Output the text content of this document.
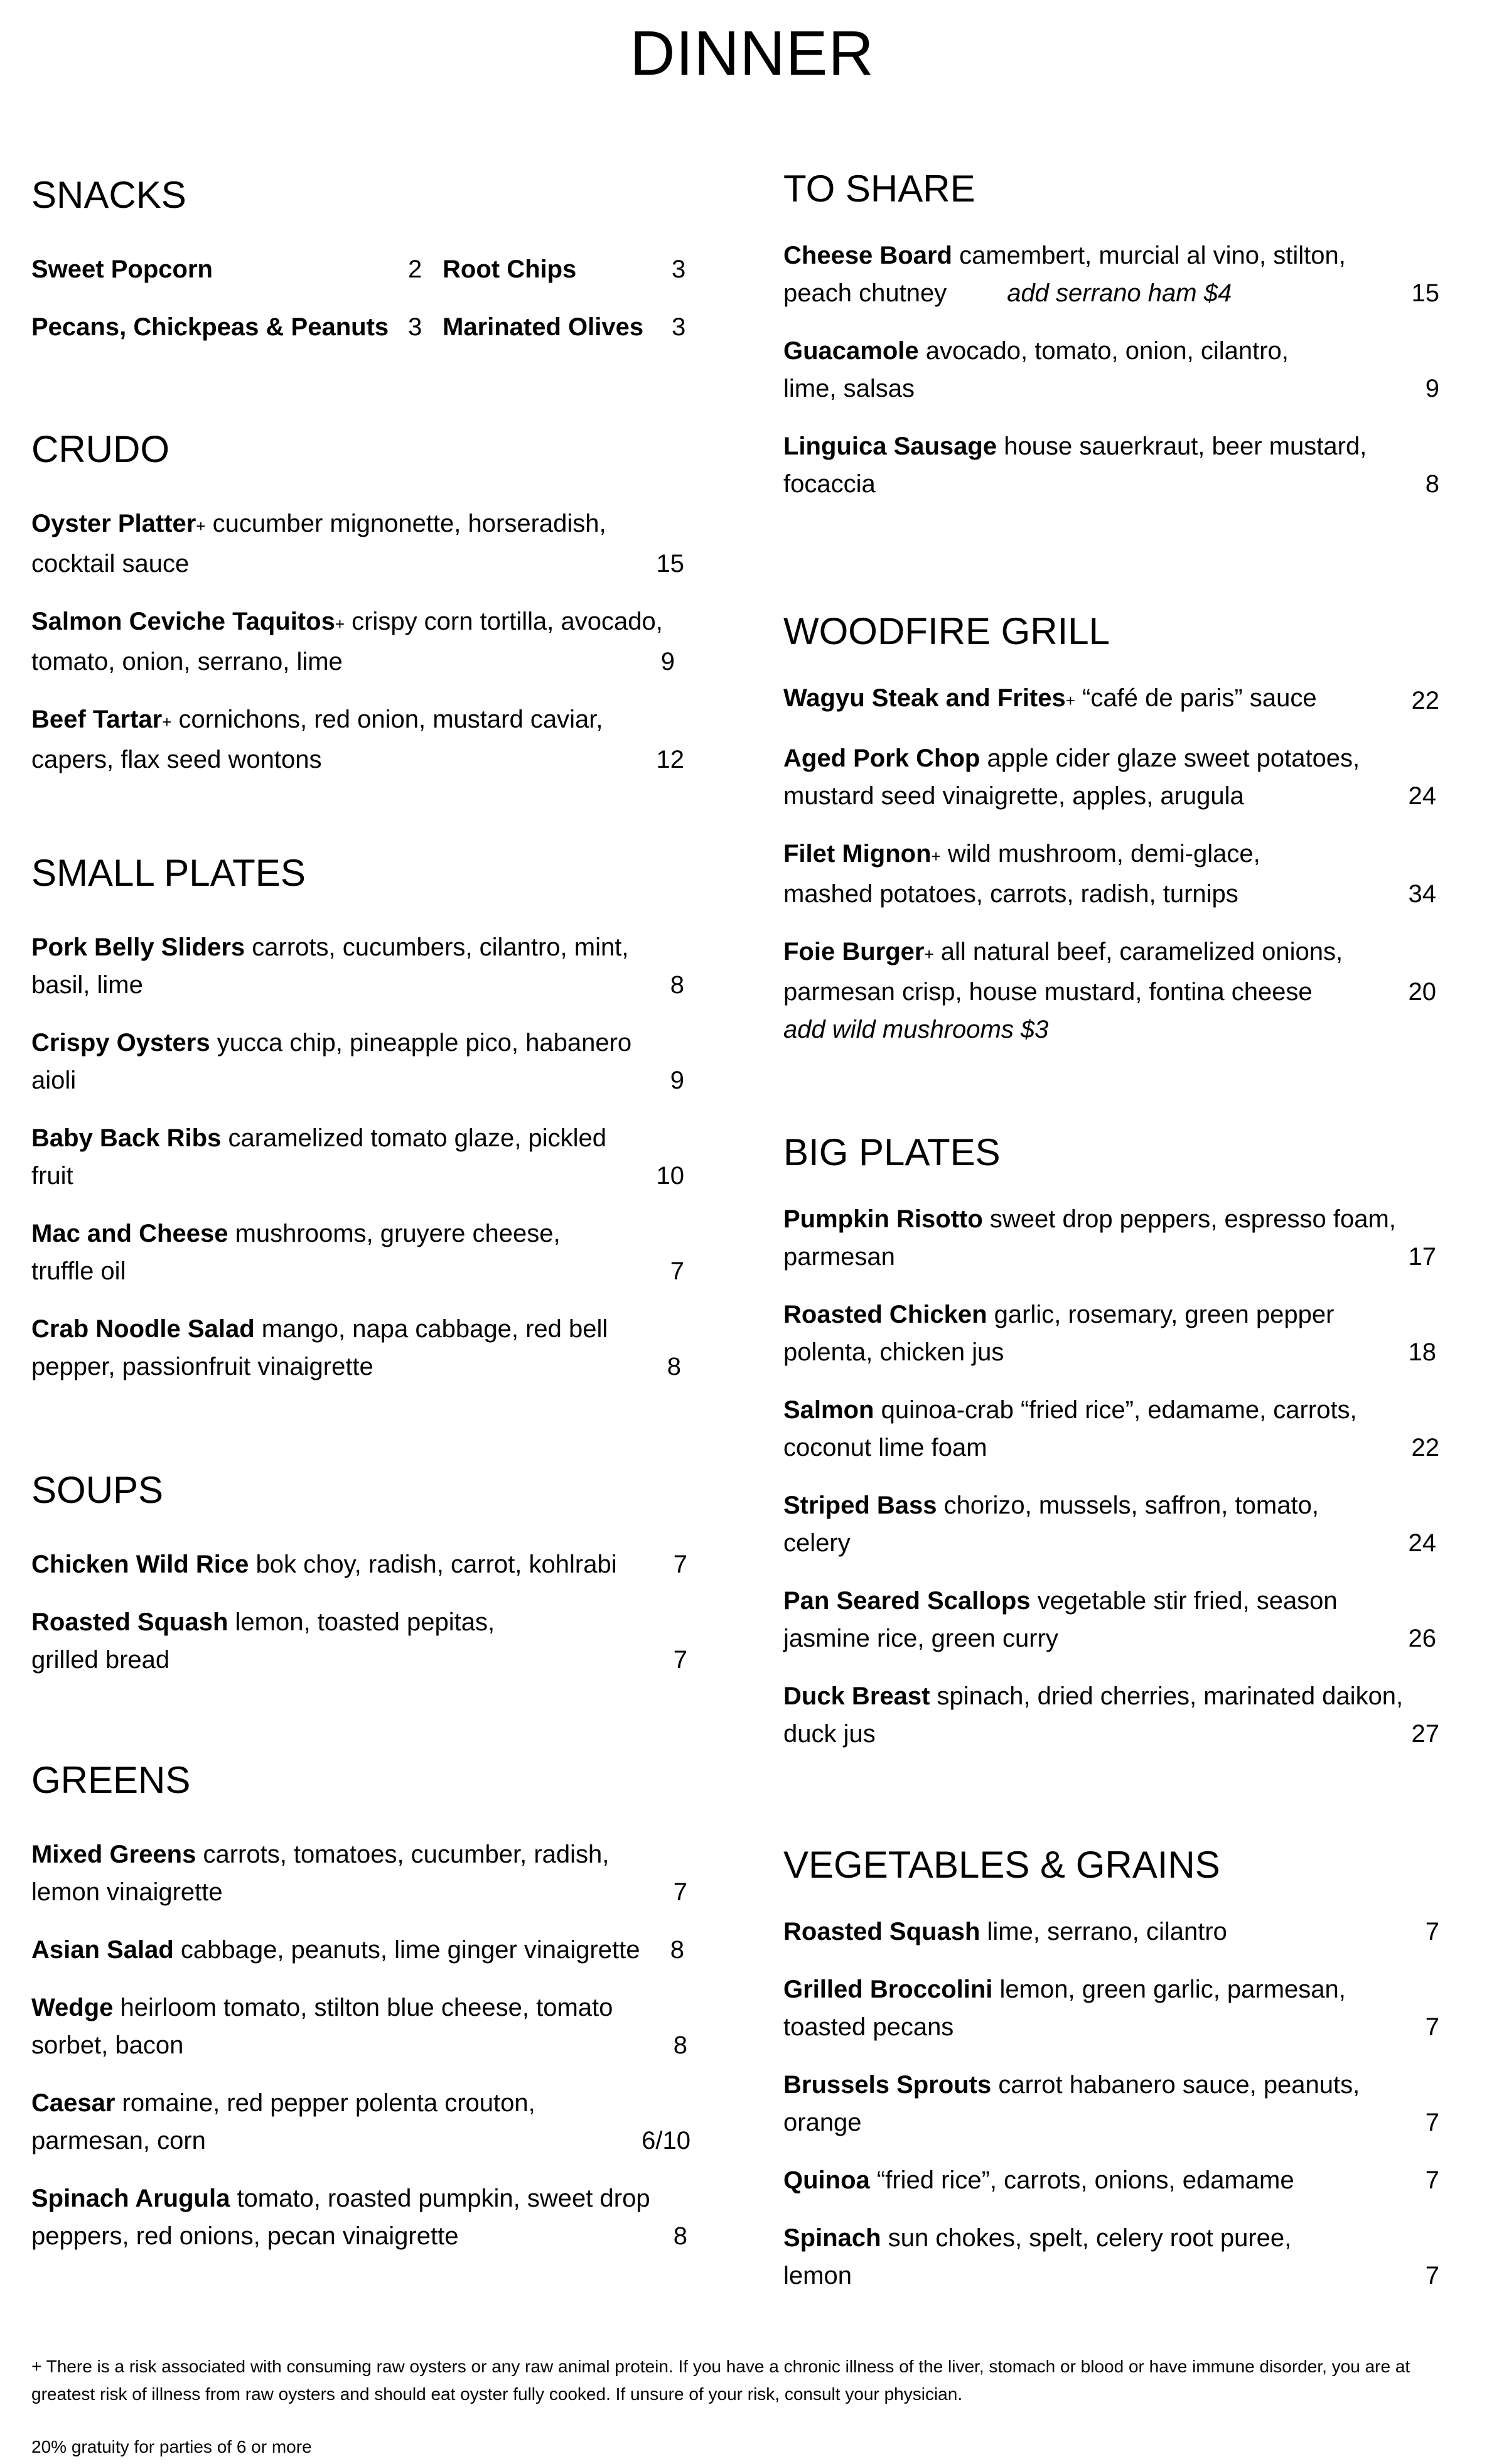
DINNER
SNACKS
Sweet Popcorn	2 Root Chips	3
Pecans, Chickpeas & Peanuts 3 Marinated Olives 3
CRUDO
Oyster Platter+ cucumber mignonette, horseradish, cocktail sauce	15
Salmon Ceviche Taquitos+ crispy corn tortilla, avocado, tomato, onion, serrano, lime	9
Beef Tartar+ cornichons, red onion, mustard caviar, capers, flax seed wontons	12
SMALL PLATES
Pork Belly Sliders carrots, cucumbers, cilantro, mint, basil, lime	8
Crispy Oysters yucca chip, pineapple pico, habanero aioli	9
Baby Back Ribs caramelized tomato glaze, pickled fruit	10
Mac and Cheese mushrooms, gruyere cheese, truffle oil	7
Crab Noodle Salad mango, napa cabbage, red bell pepper, passionfruit vinaigrette	8
SOUPS
Chicken Wild Rice bok choy, radish, carrot, kohlrabi	7
Roasted Squash lemon, toasted pepitas, grilled bread	7
GREENS
Mixed Greens carrots, tomatoes, cucumber, radish, lemon vinaigrette	7
Asian Salad cabbage, peanuts, lime ginger vinaigrette	8
Wedge heirloom tomato, stilton blue cheese, tomato sorbet, bacon	8
Caesar romaine, red pepper polenta crouton, parmesan, corn	6/10
Spinach Arugula tomato, roasted pumpkin, sweet drop peppers, red onions, pecan vinaigrette	8
TO SHARE
Cheese Board camembert, murcial al vino, stilton, peach chutney add serrano ham $4	15
Guacamole avocado, tomato, onion, cilantro, lime, salsas	9
Linguica Sausage house sauerkraut, beer mustard, focaccia	8
WOODFIRE GRILL
Wagyu Steak and Frites+ “café de paris” sauce	22
Aged Pork Chop apple cider glaze sweet potatoes, mustard seed vinaigrette, apples, arugula	24
Filet Mignon+ wild mushroom, demi-glace, mashed potatoes, carrots, radish, turnips	34
Foie Burger+ all natural beef, caramelized onions, parmesan crisp, house mustard, fontina cheese	20
add wild mushrooms $3
BIG PLATES
Pumpkin Risotto sweet drop peppers, espresso foam, parmesan	17
Roasted Chicken garlic, rosemary, green pepper polenta, chicken jus	18
Salmon quinoa-crab “fried rice”, edamame, carrots, coconut lime foam	22
Striped Bass chorizo, mussels, saffron, tomato, celery	24
Pan Seared Scallops vegetable stir fried, season jasmine rice, green curry	26
Duck Breast spinach, dried cherries, marinated daikon, duck jus	27
VEGETABLES & GRAINS
Roasted Squash lime, serrano, cilantro	7
Grilled Broccolini lemon, green garlic, parmesan, toasted pecans	7
Brussels Sprouts carrot habanero sauce, peanuts, orange	7
Quinoa “fried rice”, carrots, onions, edamame	7
Spinach sun chokes, spelt, celery root puree, lemon	7

+ There is a risk associated with consuming raw oysters or any raw animal protein. If you have a chronic illness of the liver, stomach or blood or have immune disorder, you are at greatest risk of illness from raw oysters and should eat oyster fully cooked. If unsure of your risk, consult your physician.

20% gratuity for parties of 6 or more
